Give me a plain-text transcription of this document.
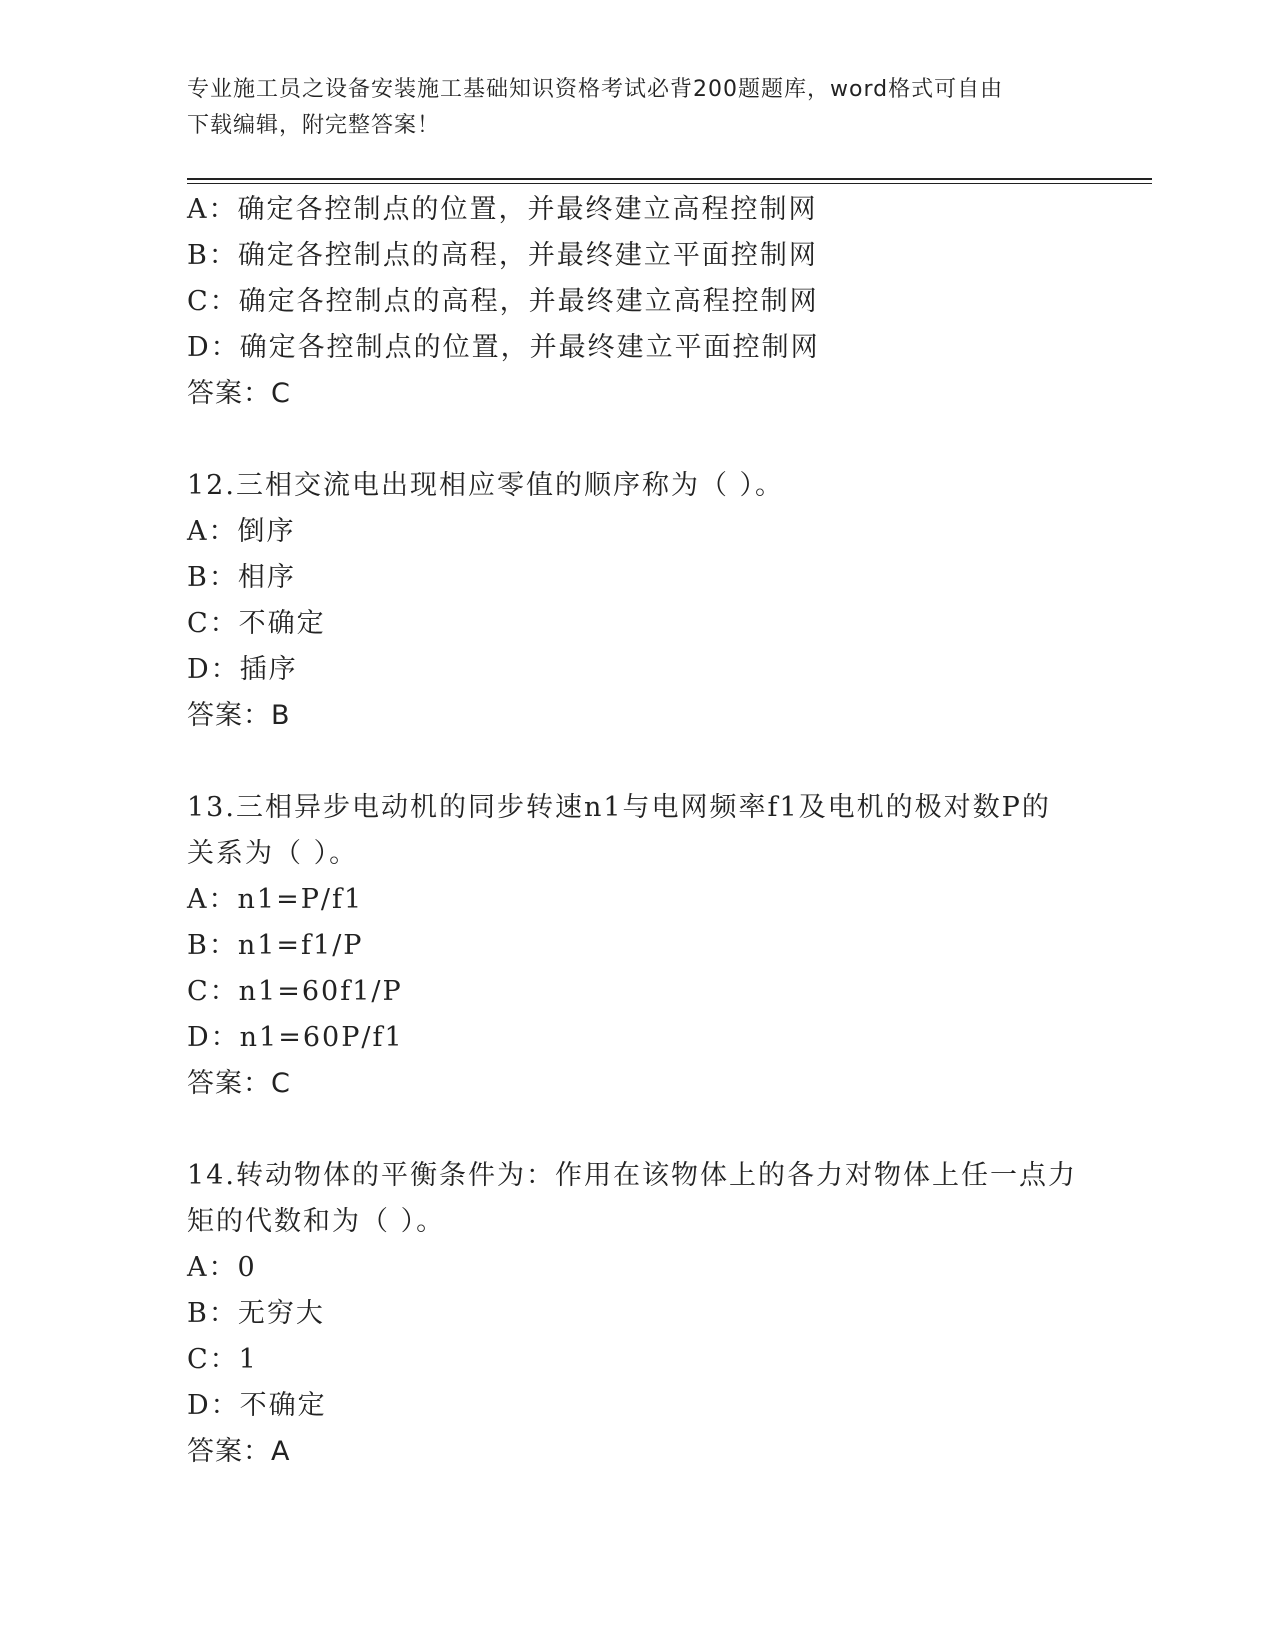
专业施工员之设备安装施工基础知识资格考试必背200题题库，word格式可自由
下载编辑，附完整答案！
A：确定各控制点的位置，并最终建立高程控制网
B：确定各控制点的高程，并最终建立平面控制网
C：确定各控制点的高程，并最终建立高程控制网
D：确定各控制点的位置，并最终建立平面控制网
答案：C
12.三相交流电出现相应零值的顺序称为（ ）。
A：倒序
B：相序
C：不确定
D：插序
答案：B
13.三相异步电动机的同步转速n1与电网频率f1及电机的极对数P的
关系为（ ）。
A：n1=P/f1
B：n1=f1/P
C：n1=60f1/P
D：n1=60P/f1
答案：C
14.转动物体的平衡条件为：作用在该物体上的各力对物体上任一点力
矩的代数和为（ ）。
A：0
B：无穷大
C：1
D：不确定
答案：A
